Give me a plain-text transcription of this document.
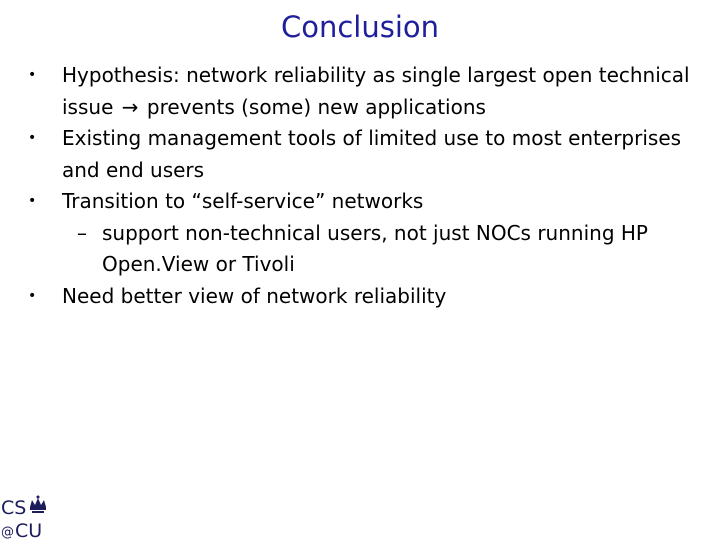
Conclusion
• Hypothesis: network reliability as single largest open technical issue → prevents (some) new applications
• Existing management tools of limited use to most enterprises and end users
• Transition to “self-service” networks
– support non-technical users, not just NOCs running HP Open.View or Tivoli
• Need better view of network reliability
CS
@ CU
